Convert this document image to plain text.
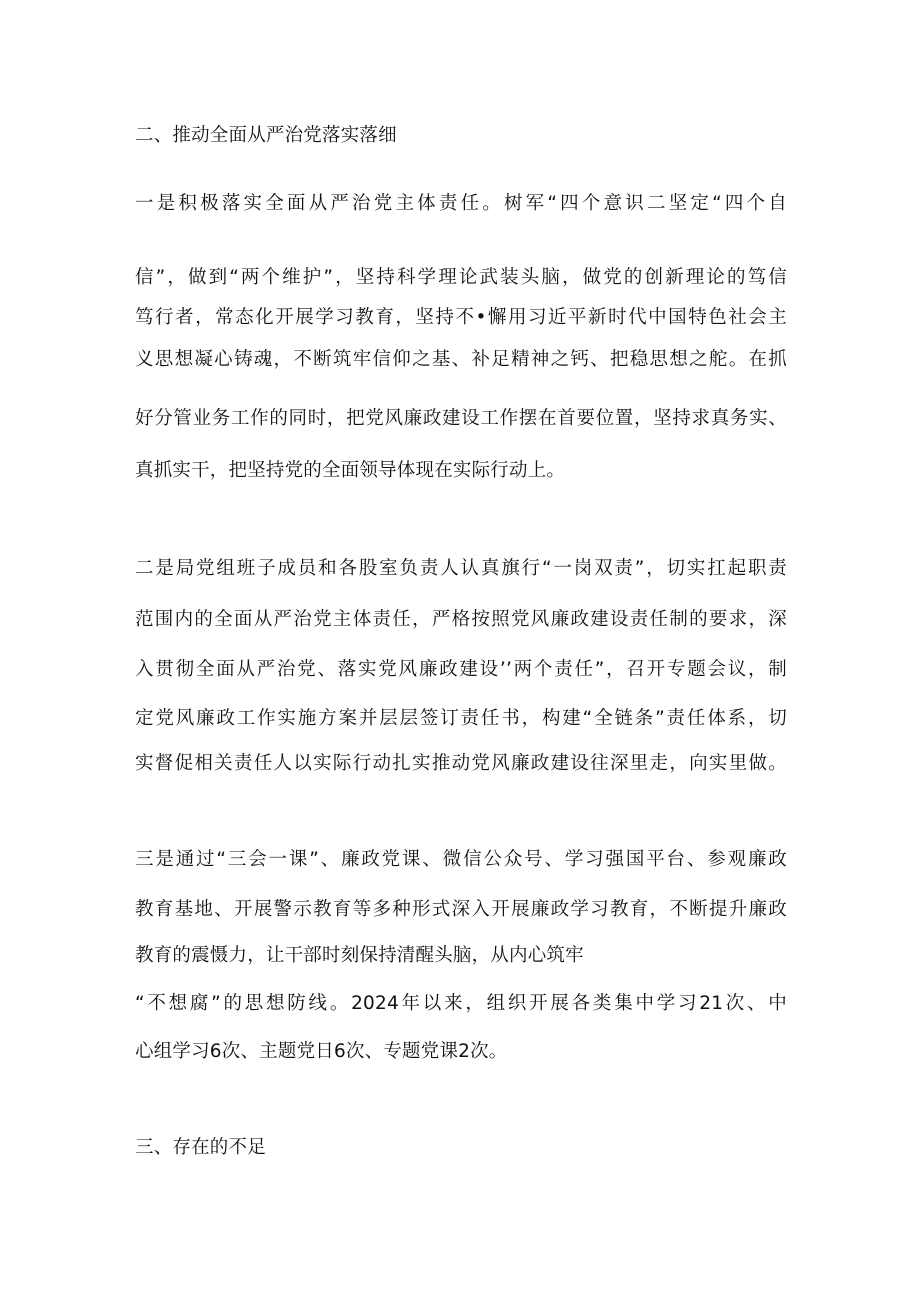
二、推动全面从严治党落实落细

一是积极落实全面从严治党主体责任。树军“四个意识二坚定“四个自

信”，做到“两个维护”，坚持科学理论武装头脑，做党的创新理论的笃信

笃行者，常态化开展学习教育，坚持不•懈用习近平新时代中国特色社会主

义思想凝心铸魂，不断筑牢信仰之基、补足精神之钙、把稳思想之舵。在抓

好分管业务工作的同时，把党风廉政建设工作摆在首要位置，坚持求真务实、

真抓实干，把坚持党的全面领导体现在实际行动上。

二是局党组班子成员和各股室负责人认真旗行“一岗双责”，切实扛起职责

范围内的全面从严治党主体责任，严格按照党风廉政建设责任制的要求，深

入贯彻全面从严治党、落实党风廉政建设’’两个责任”，召开专题会议，制

定党风廉政工作实施方案并层层签订责任书，构建“全链条”责任体系，切

实督促相关责任人以实际行动扎实推动党风廉政建设往深里走，向实里做。

三是通过“三会一课”、廉政党课、微信公众号、学习强国平台、参观廉政

教育基地、开展警示教育等多种形式深入开展廉政学习教育，不断提升廉政

教育的震慑力，让干部时刻保持清醒头脑，从内心筑牢

“不想腐”的思想防线。2024年以来，组织开展各类集中学习21次、中

心组学习6次、主题党日6次、专题党课2次。

三、存在的不足
